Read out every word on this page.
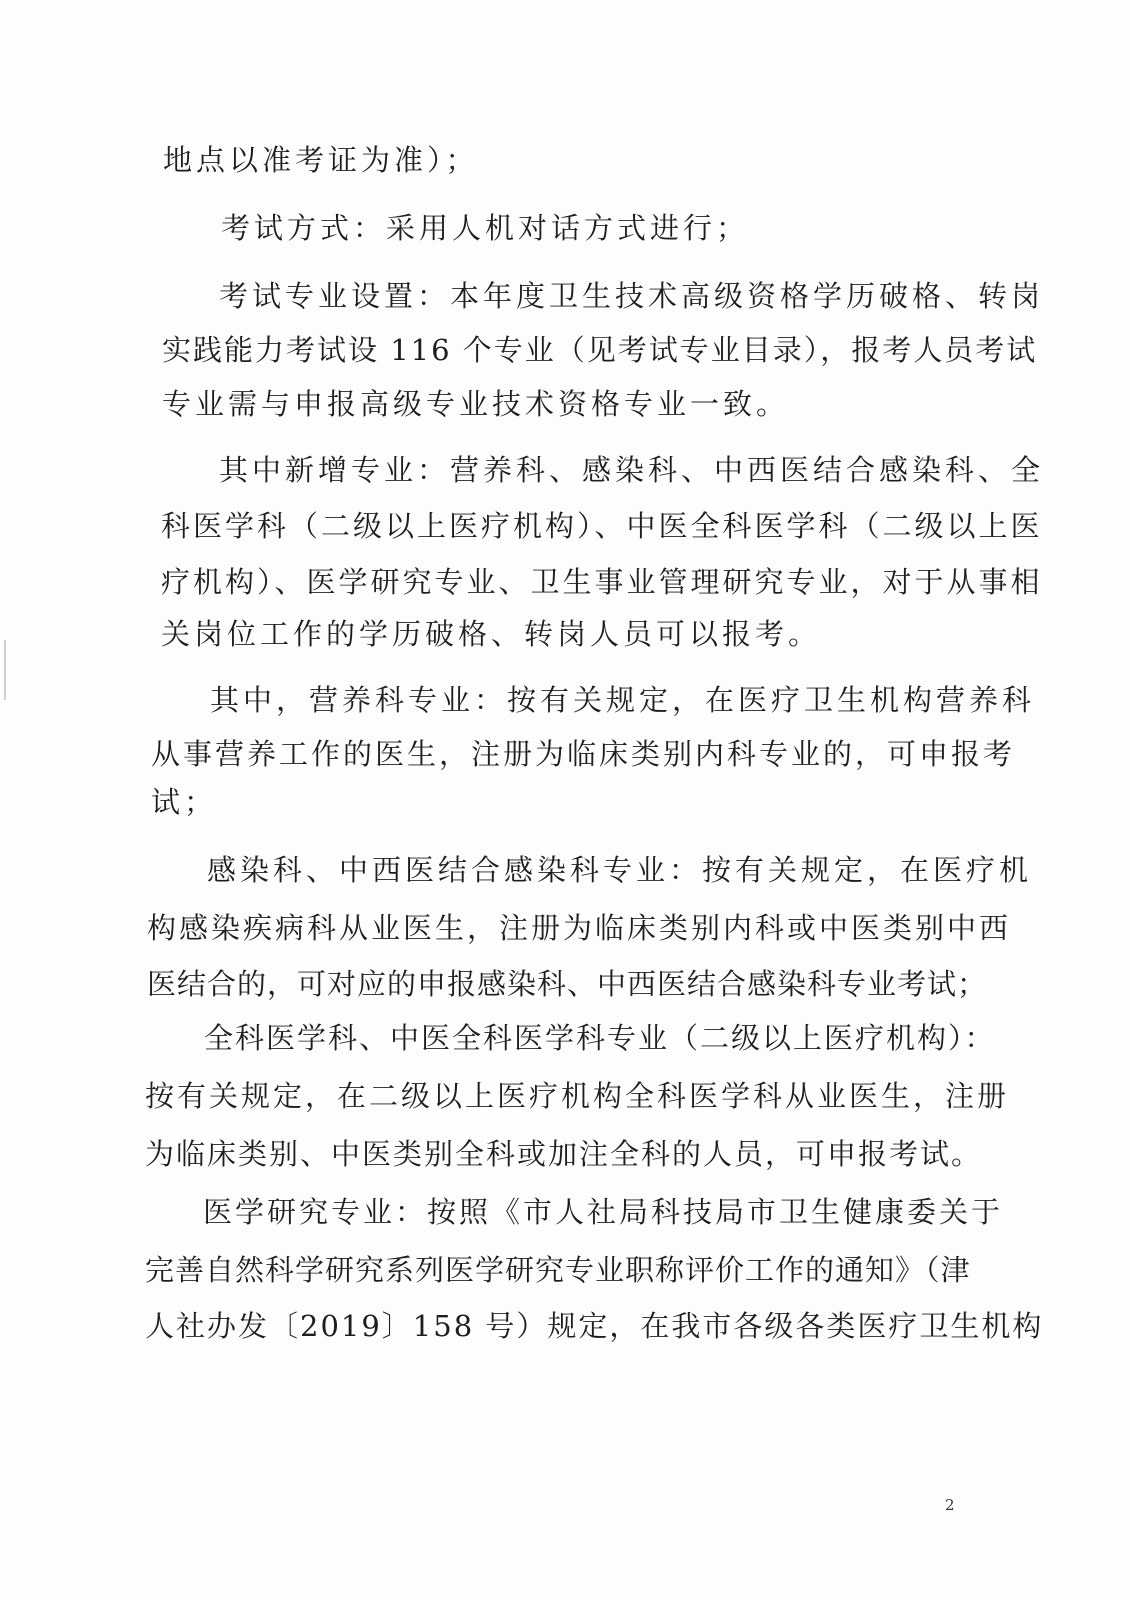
地点以准考证为准）；
考试方式：采用人机对话方式进行；
考试专业设置：本年度卫生技术高级资格学历破格、转岗
实践能力考试设 116 个专业（见考试专业目录），报考人员考试
专业需与申报高级专业技术资格专业一致。
其中新增专业：营养科、感染科、中西医结合感染科、全
科医学科（二级以上医疗机构）、中医全科医学科（二级以上医
疗机构）、医学研究专业、卫生事业管理研究专业，对于从事相
关岗位工作的学历破格、转岗人员可以报考。
其中，营养科专业：按有关规定，在医疗卫生机构营养科
从事营养工作的医生，注册为临床类别内科专业的，可申报考
试；
感染科、中西医结合感染科专业：按有关规定，在医疗机
构感染疾病科从业医生，注册为临床类别内科或中医类别中西
医结合的，可对应的申报感染科、中西医结合感染科专业考试；
全科医学科、中医全科医学科专业（二级以上医疗机构）：
按有关规定，在二级以上医疗机构全科医学科从业医生，注册
为临床类别、中医类别全科或加注全科的人员，可申报考试。
医学研究专业：按照《市人社局科技局市卫生健康委关于
完善自然科学研究系列医学研究专业职称评价工作的通知》（津
人社办发〔2019〕158 号）规定，在我市各级各类医疗卫生机构
2
